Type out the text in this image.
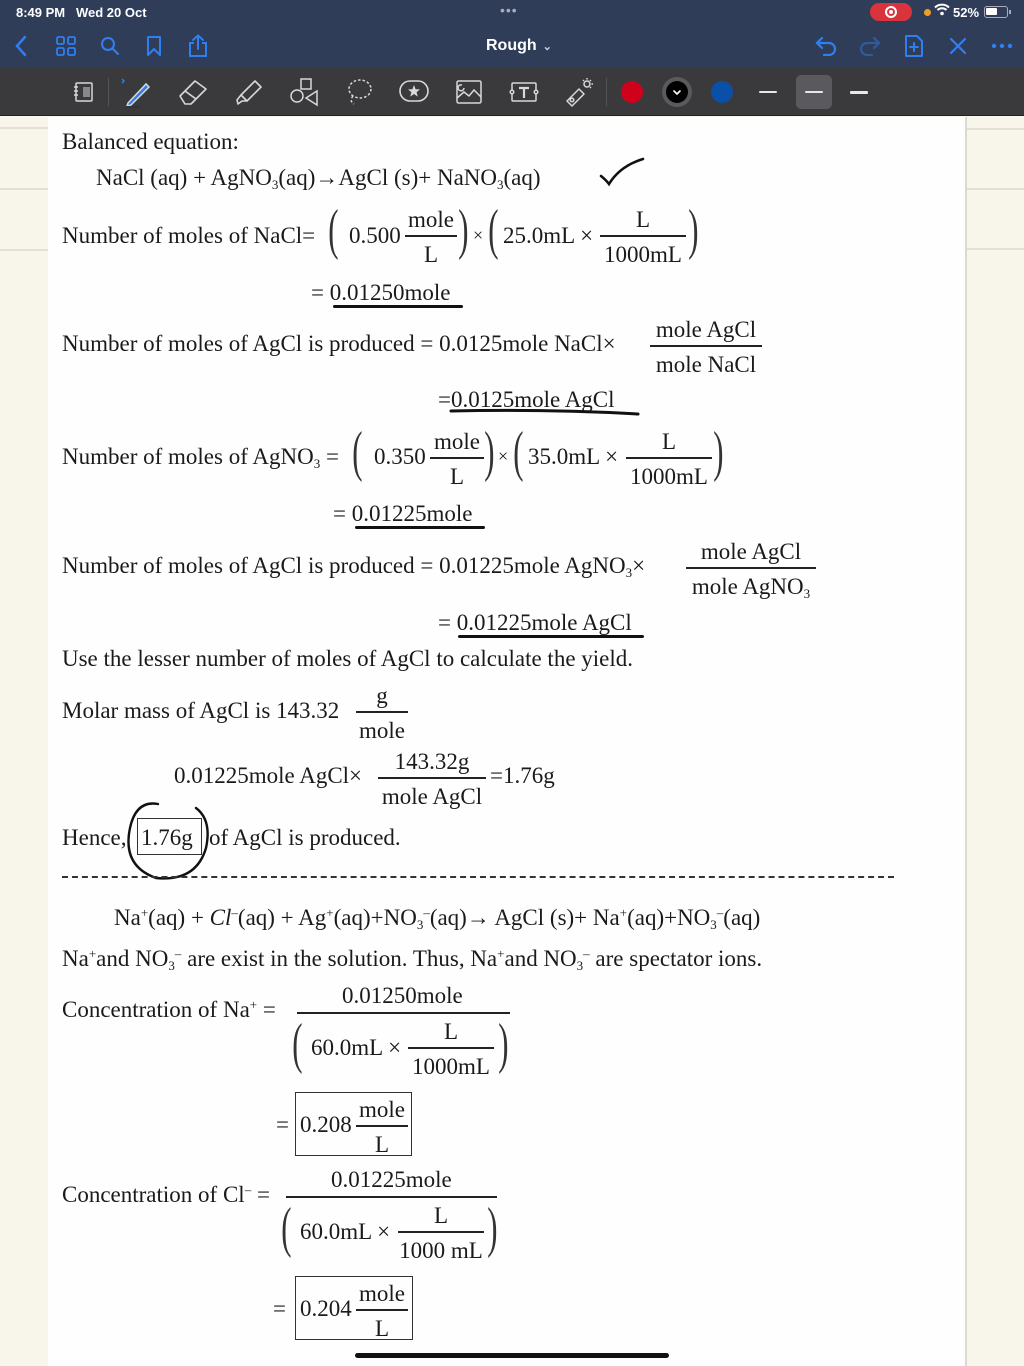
8:49 PM Wed 20 Oct	•••	52%
Rough ⌄
Balanced equation:
NaCl (aq) + AgNO$_3$(aq)→AgCl (s)+ NaNO$_3$(aq)
Number of moles of NaCl= ( 0.500
mole
L ) × ( 25.0mL ×
L
1000mL )
= 0.01250mole
Number of moles of AgCl is produced = 0.0125mole NaCl×
mole AgCl
mole NaCl
=0.0125mole AgCl
Number of moles of AgNO$_3$ = ( 0.350
mole
L ) × ( 35.0mL ×
L
1000mL )
= 0.01225mole
Number of moles of AgCl is produced = 0.01225mole AgNO$_3$×
mole AgCl
mole AgNO$_3$
= 0.01225mole AgCl
Use the lesser number of moles of AgCl to calculate the yield.
Molar mass of AgCl is 143.32
g
mole
0.01225mole AgCl×
143.32g
mole AgCl
=1.76g
Hence, 1.76g of AgCl is produced.
$Na^+(aq) + Cl^-(aq) + Ag^+(aq)+NO_3^-(aq)\to$ AgCl $(s)+ Na^+(aq)+NO_3^-(aq)$
Na+and $NO_3^-$ are exist in the solution. Thus, Na+and $NO_3^-$ are spectator ions.
Concentration of Na+ =
0.01250mole
( 60.0mL ×
L
1000mL )
= 0.208
mole
L
Concentration of Cl– =
0.01225mole
( 60.0mL ×
L
1000 mL )
= 0.204
mole
L
